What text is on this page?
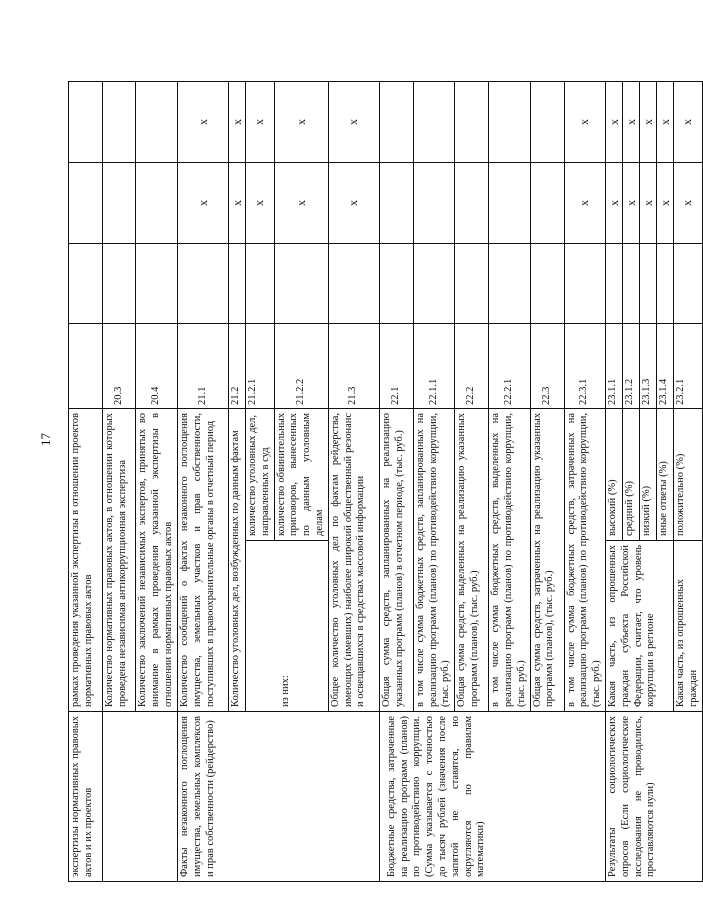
17
экспертизы нормативных правовых актов и их проектов	рамках проведения указанной экспертизы в отношении проектов нормативных правовых актов					
	Количество нормативных правовых актов, в отношении которых проведена независимая антикоррупционная экспертиза		20.3			
	Количество заключений независимых экспертов, принятых во внимание в рамках проведения указанной экспертизы в отношении нормативных правовых актов		20.4			
Факты незаконного поглощения имущества, земельных комплексов и прав собственности (рейдерство)	Количество сообщений о фактах незаконного поглощения имущества, земельных участков и прав собственности, поступивших в правоохранительные органы в отчетный период		21.1		x	x
	Количество уголовных дел, возбужденных по данным фактам		21.2		x	x
	из них:	количество уголовных дел, направленных в суд	21.2.1		x	x
		количество обвинительных приговоров, вынесенных по данным уголовным делам	21.2.2		x	x
	Общее количество уголовных дел по фактам рейдерства, имеющих (имевших) наиболее широкий общественный резонанс и освещавшихся в средствах массовой информации		21.3		x	x
Бюджетные средства, затраченные на реализацию программ (планов) по противодействию коррупции. (Сумма указывается с точностью до тысяч рублей (значения после запятой не ставятся, но округляются по правилам математики)	Общая сумма средств, запланированных на реализацию указанных программ (планов) в отчетном периоде, (тыс. руб.)		22.1			
	в том числе сумма бюджетных средств, запланированных на реализацию программ (планов) по противодействию коррупции, (тыс. руб.)		22.1.1			
	Общая сумма средств, выделенных на реализацию указанных программ (планов), (тыс. руб.)		22.2			
	в том числе сумма бюджетных средств, выделенных на реализацию программ (планов) по противодействию коррупции, (тыс. руб.)		22.2.1			
	Общая сумма средств, затраченных на реализацию указанных программ (планов), (тыс. руб.)		22.3			
	в том числе сумма бюджетных средств, затраченных на реализацию программ (планов) по противодействию коррупции, (тыс. руб.)		22.3.1		x	x
Результаты социологических опросов (Если социологические исследования не проводились, проставляются нули)	Какая часть, из опрошенных граждан субъекта Российской Федерации, считает, что уровень коррупции в регионе	высокий (%)	23.1.1		x	x
		средний (%)	23.1.2		x	x
		низкий (%)	23.1.3		x	x
		иные ответы (%)	23.1.4		x	x
	Какая часть, из опрошенных граждан	положительно (%)	23.2.1		x	x
